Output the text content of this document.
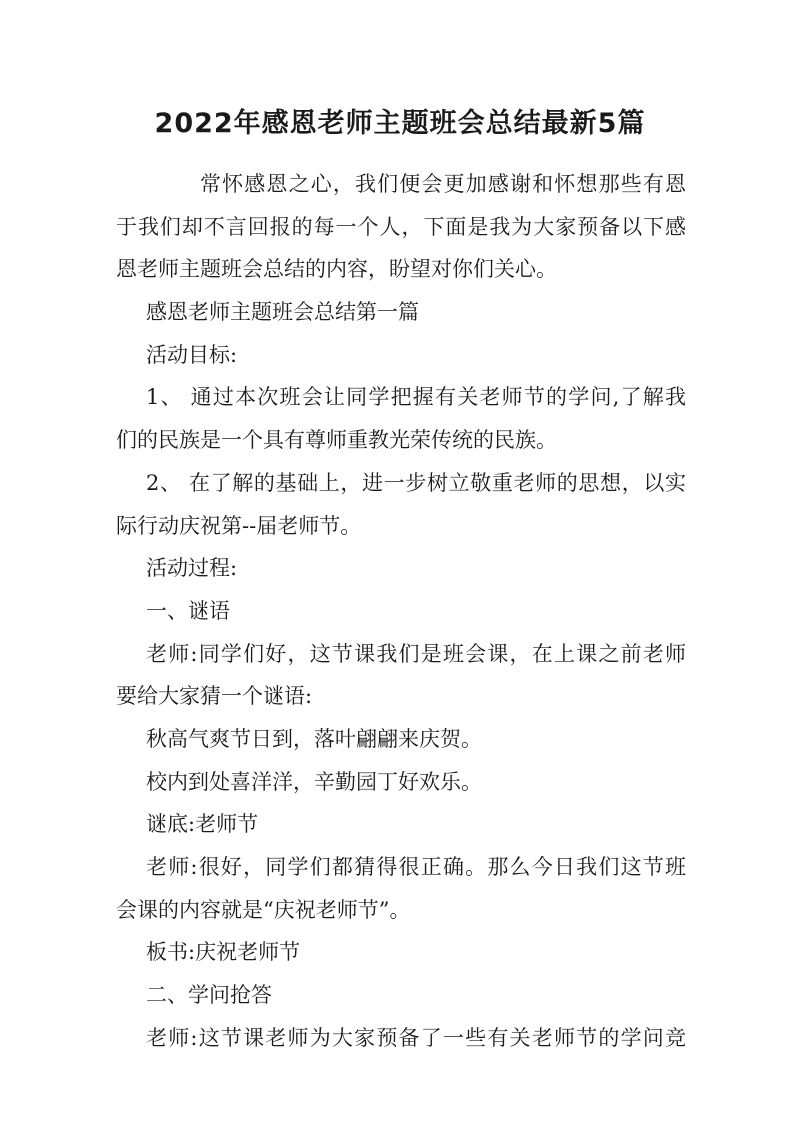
2022年感恩老师主题班会总结最新5篇
常怀感恩之心，我们便会更加感谢和怀想那些有恩
于我们却不言回报的每一个人，下面是我为大家预备以下感
恩老师主题班会总结的内容，盼望对你们关心。
感恩老师主题班会总结第一篇
活动目标:
1、 通过本次班会让同学把握有关老师节的学问,了解我
们的民族是一个具有尊师重教光荣传统的民族。
2、 在了解的基础上，进一步树立敬重老师的思想，以实
际行动庆祝第--届老师节。
活动过程:
一、谜语
老师:同学们好，这节课我们是班会课，在上课之前老师
要给大家猜一个谜语:
秋高气爽节日到，落叶翩翩来庆贺。
校内到处喜洋洋，辛勤园丁好欢乐。
谜底:老师节
老师:很好，同学们都猜得很正确。那么今日我们这节班
会课的内容就是“庆祝老师节”。
板书:庆祝老师节
二、学问抢答
老师:这节课老师为大家预备了一些有关老师节的学问竞
